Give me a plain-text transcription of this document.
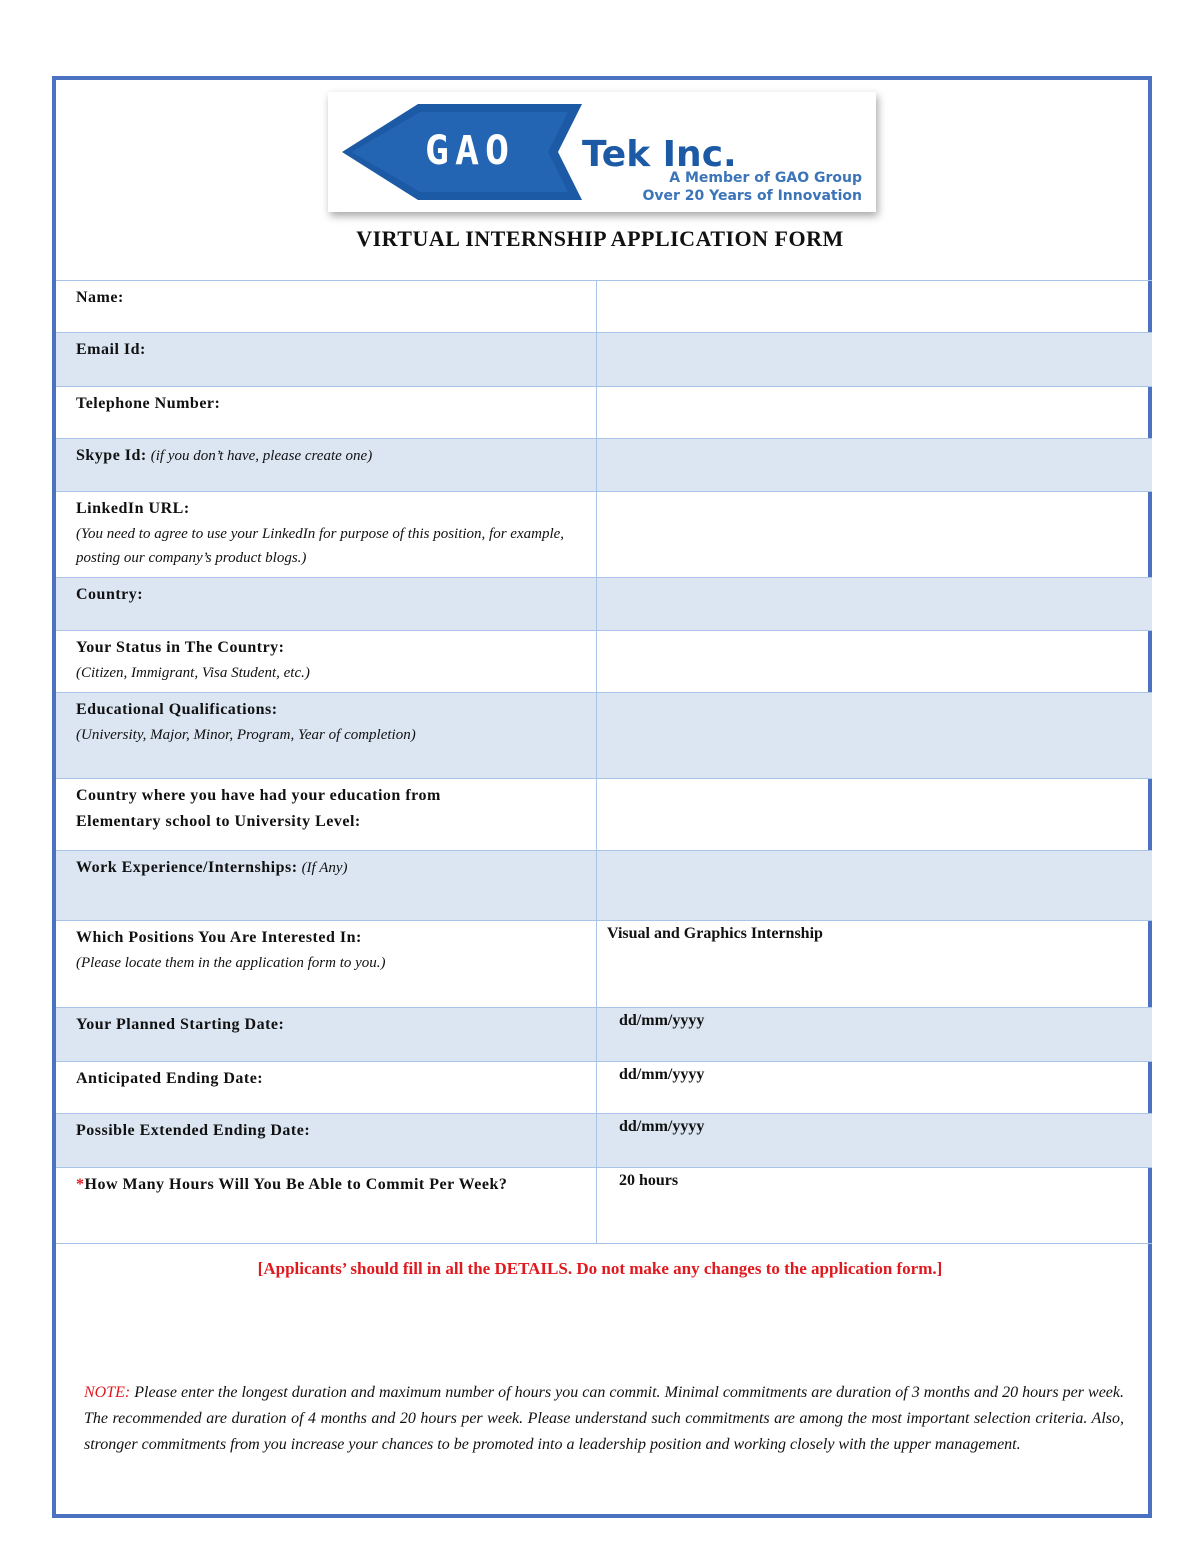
GAO Tek Inc.
A Member of GAO Group
Over 20 Years of Innovation
VIRTUAL INTERNSHIP APPLICATION FORM
Name:	
Email Id:	
Telephone Number:	
Skype Id: (if you don’t have, please create one)	

LinkedIn URL:
(You need to agree to use your LinkedIn for purpose of this position, for example, posting our company’s product blogs.)	

Country:	

Your Status in The Country:
(Citizen, Immigrant, Visa Student, etc.)	

Educational Qualifications:
(University, Major, Minor, Program, Year of completion)	

Country where you have had your education from Elementary school to University Level:	

Work Experience/Internships: (If Any)	

Which Positions You Are Interested In:
(Please locate them in the application form to you.)	Visual and Graphics Internship
Your Planned Starting Date:	dd/mm/yyyy
Anticipated Ending Date:	dd/mm/yyyy
Possible Extended Ending Date:	dd/mm/yyyy

*How Many Hours Will You Be Able to Commit Per Week?	20 hours
[Applicants’ should fill in all the DETAILS. Do not make any changes to the application form.]
NOTE: Please enter the longest duration and maximum number of hours you can commit. Minimal commitments are duration of 3 months and 20 hours per week. The recommended are duration of 4 months and 20 hours per week. Please understand such commitments are among the most important selection criteria. Also, stronger commitments from you increase your chances to be promoted into a leadership position and working closely with the upper management.
